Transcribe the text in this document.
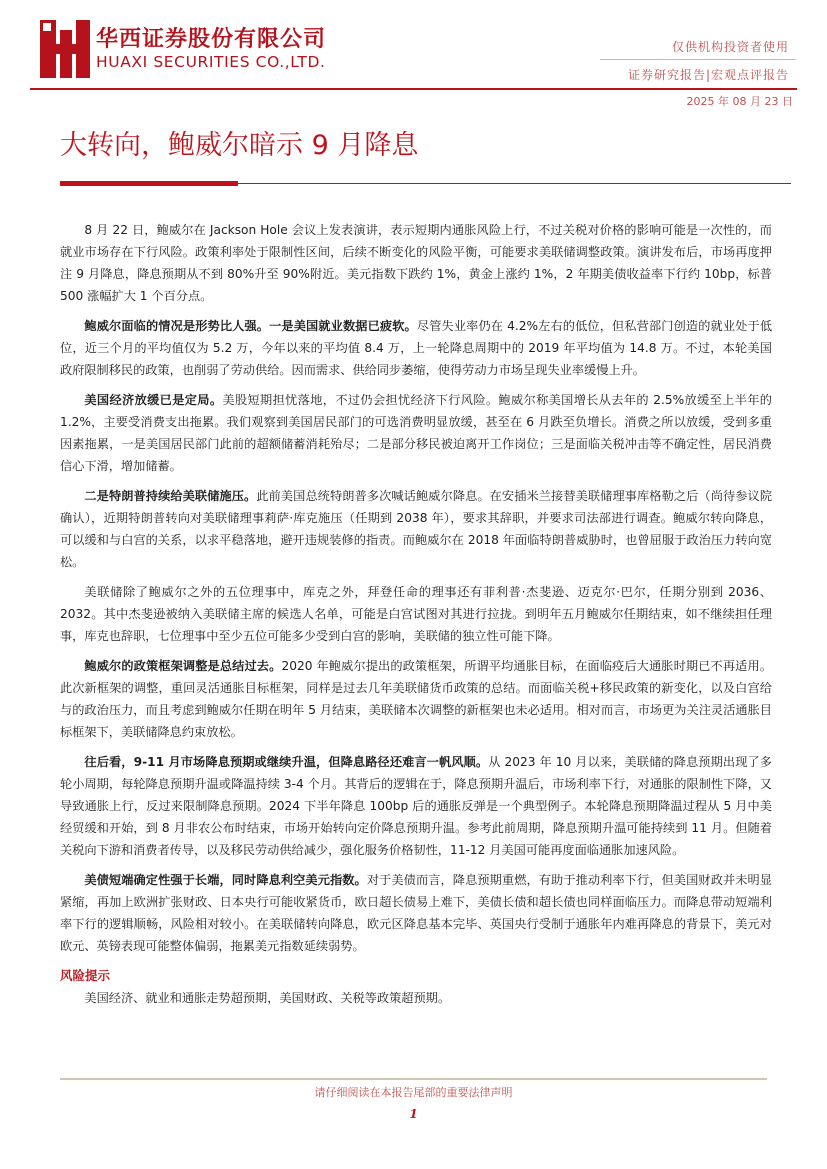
华西证券股份有限公司
HUAXI SECURITIES CO.,LTD.
仅供机构投资者使用
证券研究报告|宏观点评报告
2025 年 08 月 23 日
大转向，鲍威尔暗示 9 月降息

8 月 22 日，鲍威尔在 Jackson Hole 会议上发表演讲，表示短期内通胀风险上行，不过关税对价格的影响可能是一次性的，而就业市场存在下行风险。政策利率处于限制性区间，后续不断变化的风险平衡，可能要求美联储调整政策。演讲发布后，市场再度押注 9 月降息，降息预期从不到 80%升至 90%附近。美元指数下跌约 1%，黄金上涨约 1%，2 年期美债收益率下行约 10bp，标普 500 涨幅扩大 1 个百分点。

鲍威尔面临的情况是形势比人强。一是美国就业数据已疲软。尽管失业率仍在 4.2%左右的低位，但私营部门创造的就业处于低位，近三个月的平均值仅为 5.2 万，今年以来的平均值 8.4 万，上一轮降息周期中的 2019 年平均值为 14.8 万。不过，本轮美国政府限制移民的政策，也削弱了劳动供给。因而需求、供给同步萎缩，使得劳动力市场呈现失业率缓慢上升。

美国经济放缓已是定局。美股短期担忧落地，不过仍会担忧经济下行风险。鲍威尔称美国增长从去年的 2.5%放缓至上半年的 1.2%，主要受消费支出拖累。我们观察到美国居民部门的可选消费明显放缓，甚至在 6 月跌至负增长。消费之所以放缓，受到多重因素拖累，一是美国居民部门此前的超额储蓄消耗殆尽；二是部分移民被迫离开工作岗位；三是面临关税冲击等不确定性，居民消费信心下滑，增加储蓄。

二是特朗普持续给美联储施压。此前美国总统特朗普多次喊话鲍威尔降息。在安插米兰接替美联储理事库格勒之后（尚待参议院确认），近期特朗普转向对美联储理事莉萨·库克施压（任期到 2038 年），要求其辞职，并要求司法部进行调查。鲍威尔转向降息，可以缓和与白宫的关系，以求平稳落地，避开违规装修的指责。而鲍威尔在 2018 年面临特朗普威胁时，也曾屈服于政治压力转向宽松。

美联储除了鲍威尔之外的五位理事中，库克之外，拜登任命的理事还有菲利普·杰斐逊、迈克尔·巴尔，任期分别到 2036、2032。其中杰斐逊被纳入美联储主席的候选人名单，可能是白宫试图对其进行拉拢。到明年五月鲍威尔任期结束，如不继续担任理事，库克也辞职，七位理事中至少五位可能多少受到白宫的影响，美联储的独立性可能下降。

鲍威尔的政策框架调整是总结过去。2020 年鲍威尔提出的政策框架，所谓平均通胀目标，在面临疫后大通胀时期已不再适用。此次新框架的调整，重回灵活通胀目标框架，同样是过去几年美联储货币政策的总结。而面临关税+移民政策的新变化，以及白宫给与的政治压力，而且考虑到鲍威尔任期在明年 5 月结束，美联储本次调整的新框架也未必适用。相对而言，市场更为关注灵活通胀目标框架下，美联储降息约束放松。

往后看，9-11 月市场降息预期或继续升温，但降息路径还难言一帆风顺。从 2023 年 10 月以来，美联储的降息预期出现了多轮小周期，每轮降息预期升温或降温持续 3-4 个月。其背后的逻辑在于，降息预期升温后，市场利率下行，对通胀的限制性下降，又导致通胀上行，反过来限制降息预期。2024 下半年降息 100bp 后的通胀反弹是一个典型例子。本轮降息预期降温过程从 5 月中美经贸缓和开始，到 8 月非农公布时结束，市场开始转向定价降息预期升温。参考此前周期，降息预期升温可能持续到 11 月。但随着关税向下游和消费者传导，以及移民劳动供给减少，强化服务价格韧性，11-12 月美国可能再度面临通胀加速风险。

美债短端确定性强于长端，同时降息利空美元指数。对于美债而言，降息预期重燃，有助于推动利率下行，但美国财政并未明显紧缩，再加上欧洲扩张财政、日本央行可能收紧货币，欧日超长债易上难下，美债长债和超长债也同样面临压力。而降息带动短端利率下行的逻辑顺畅，风险相对较小。在美联储转向降息，欧元区降息基本完毕、英国央行受制于通胀年内难再降息的背景下，美元对欧元、英镑表现可能整体偏弱，拖累美元指数延续弱势。

风险提示

美国经济、就业和通胀走势超预期，美国财政、关税等政策超预期。

请仔细阅读在本报告尾部的重要法律声明
1
